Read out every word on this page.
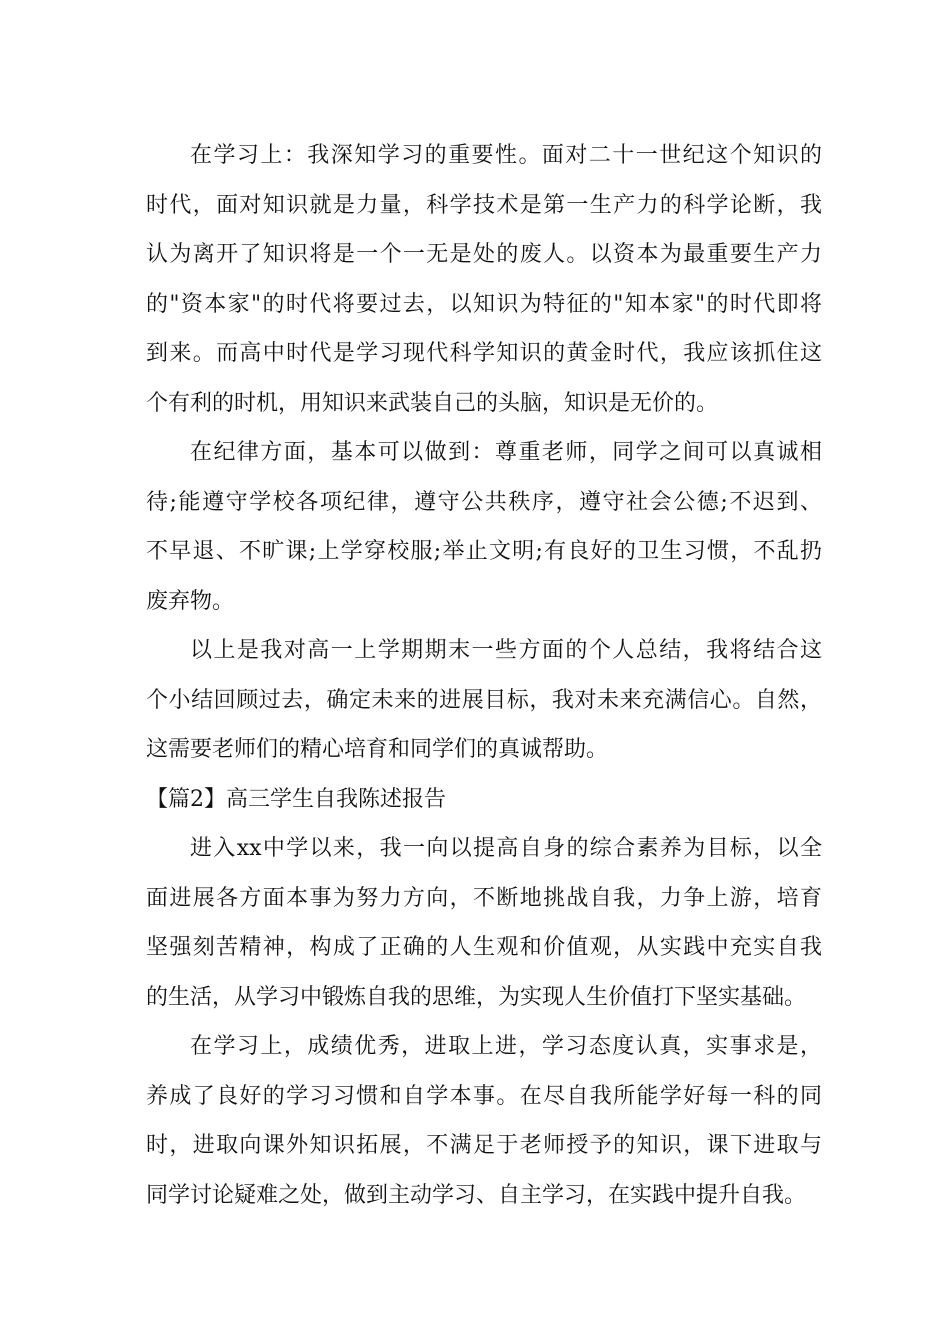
在学习上：我深知学习的重要性。面对二十一世纪这个知识的
时代，面对知识就是力量，科学技术是第一生产力的科学论断，我
认为离开了知识将是一个一无是处的废人。以资本为最重要生产力
的"资本家"的时代将要过去，以知识为特征的"知本家"的时代即将
到来。而高中时代是学习现代科学知识的黄金时代，我应该抓住这
个有利的时机，用知识来武装自己的头脑，知识是无价的。
在纪律方面，基本可以做到：尊重老师，同学之间可以真诚相
待;能遵守学校各项纪律，遵守公共秩序，遵守社会公德;不迟到、
不早退、不旷课;上学穿校服;举止文明;有良好的卫生习惯，不乱扔
废弃物。
以上是我对高一上学期期末一些方面的个人总结，我将结合这
个小结回顾过去，确定未来的进展目标，我对未来充满信心。自然，
这需要老师们的精心培育和同学们的真诚帮助。
【篇2】高三学生自我陈述报告
进入xx中学以来，我一向以提高自身的综合素养为目标，以全
面进展各方面本事为努力方向，不断地挑战自我，力争上游，培育
坚强刻苦精神，构成了正确的人生观和价值观，从实践中充实自我
的生活，从学习中锻炼自我的思维，为实现人生价值打下坚实基础。
在学习上，成绩优秀，进取上进，学习态度认真，实事求是，
养成了良好的学习习惯和自学本事。在尽自我所能学好每一科的同
时，进取向课外知识拓展，不满足于老师授予的知识，课下进取与
同学讨论疑难之处，做到主动学习、自主学习，在实践中提升自我。
